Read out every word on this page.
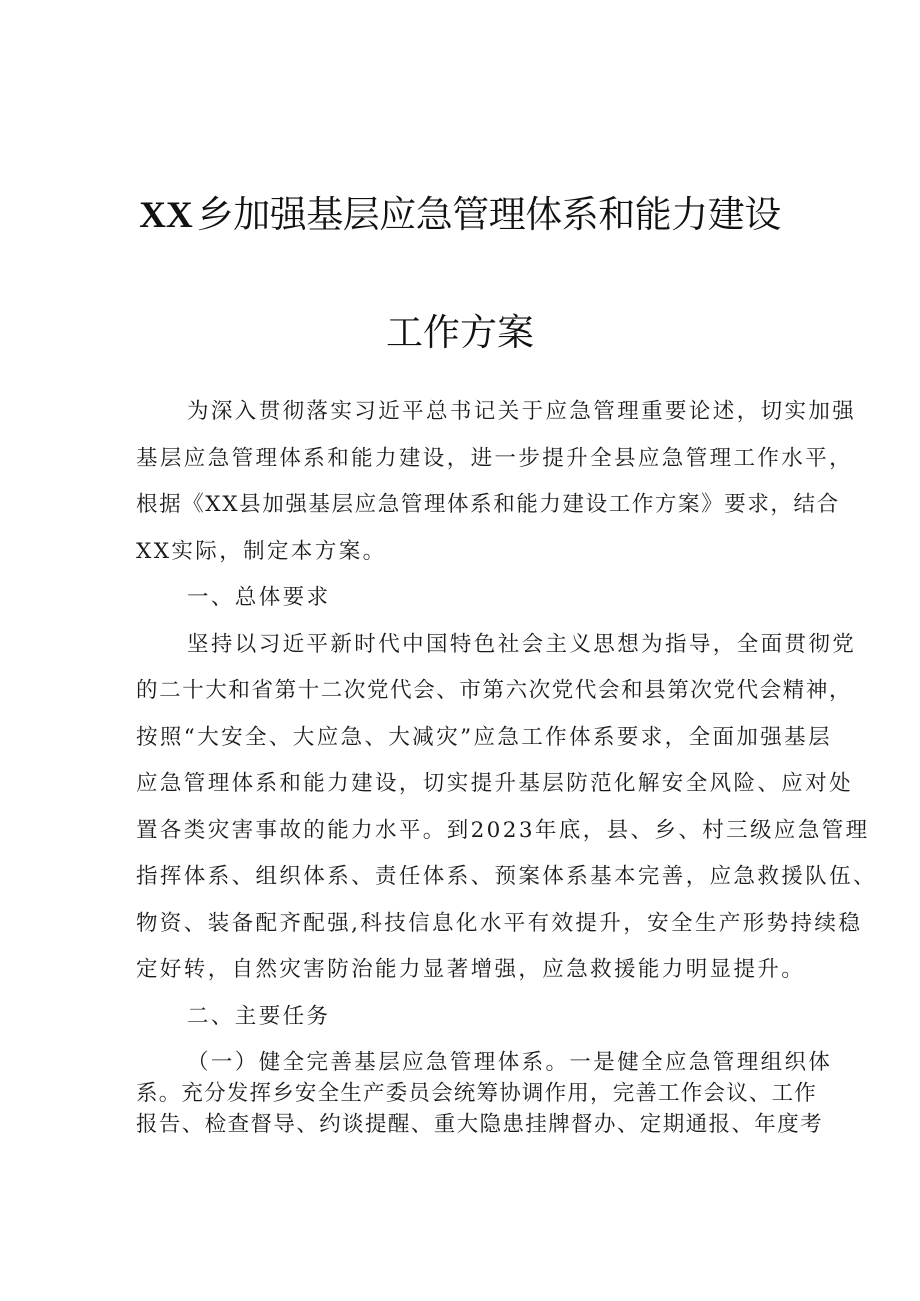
XX 乡加强基层应急管理体系和能力建设
工作方案
为深入贯彻落实习近平总书记关于应急管理重要论述，切实加强
基层应急管理体系和能力建设，进一步提升全县应急管理工作水平，
根据《XX县加强基层应急管理体系和能力建设工作方案》要求，结合
XX实际，制定本方案。
一、总体要求
坚持以习近平新时代中国特色社会主义思想为指导，全面贯彻党
的二十大和省第十二次党代会、市第六次党代会和县第次党代会精神，
按照“大安全、大应急、大减灾”应急工作体系要求，全面加强基层
应急管理体系和能力建设，切实提升基层防范化解安全风险、应对处
置各类灾害事故的能力水平。到2023年底，县、乡、村三级应急管理
指挥体系、组织体系、责任体系、预案体系基本完善，应急救援队伍、
物资、装备配齐配强,科技信息化水平有效提升，安全生产形势持续稳
定好转，自然灾害防治能力显著增强，应急救援能力明显提升。
二、主要任务
（一）健全完善基层应急管理体系。一是健全应急管理组织体
系。充分发挥乡安全生产委员会统筹协调作用，完善工作会议、工作
报告、检查督导、约谈提醒、重大隐患挂牌督办、定期通报、年度考
